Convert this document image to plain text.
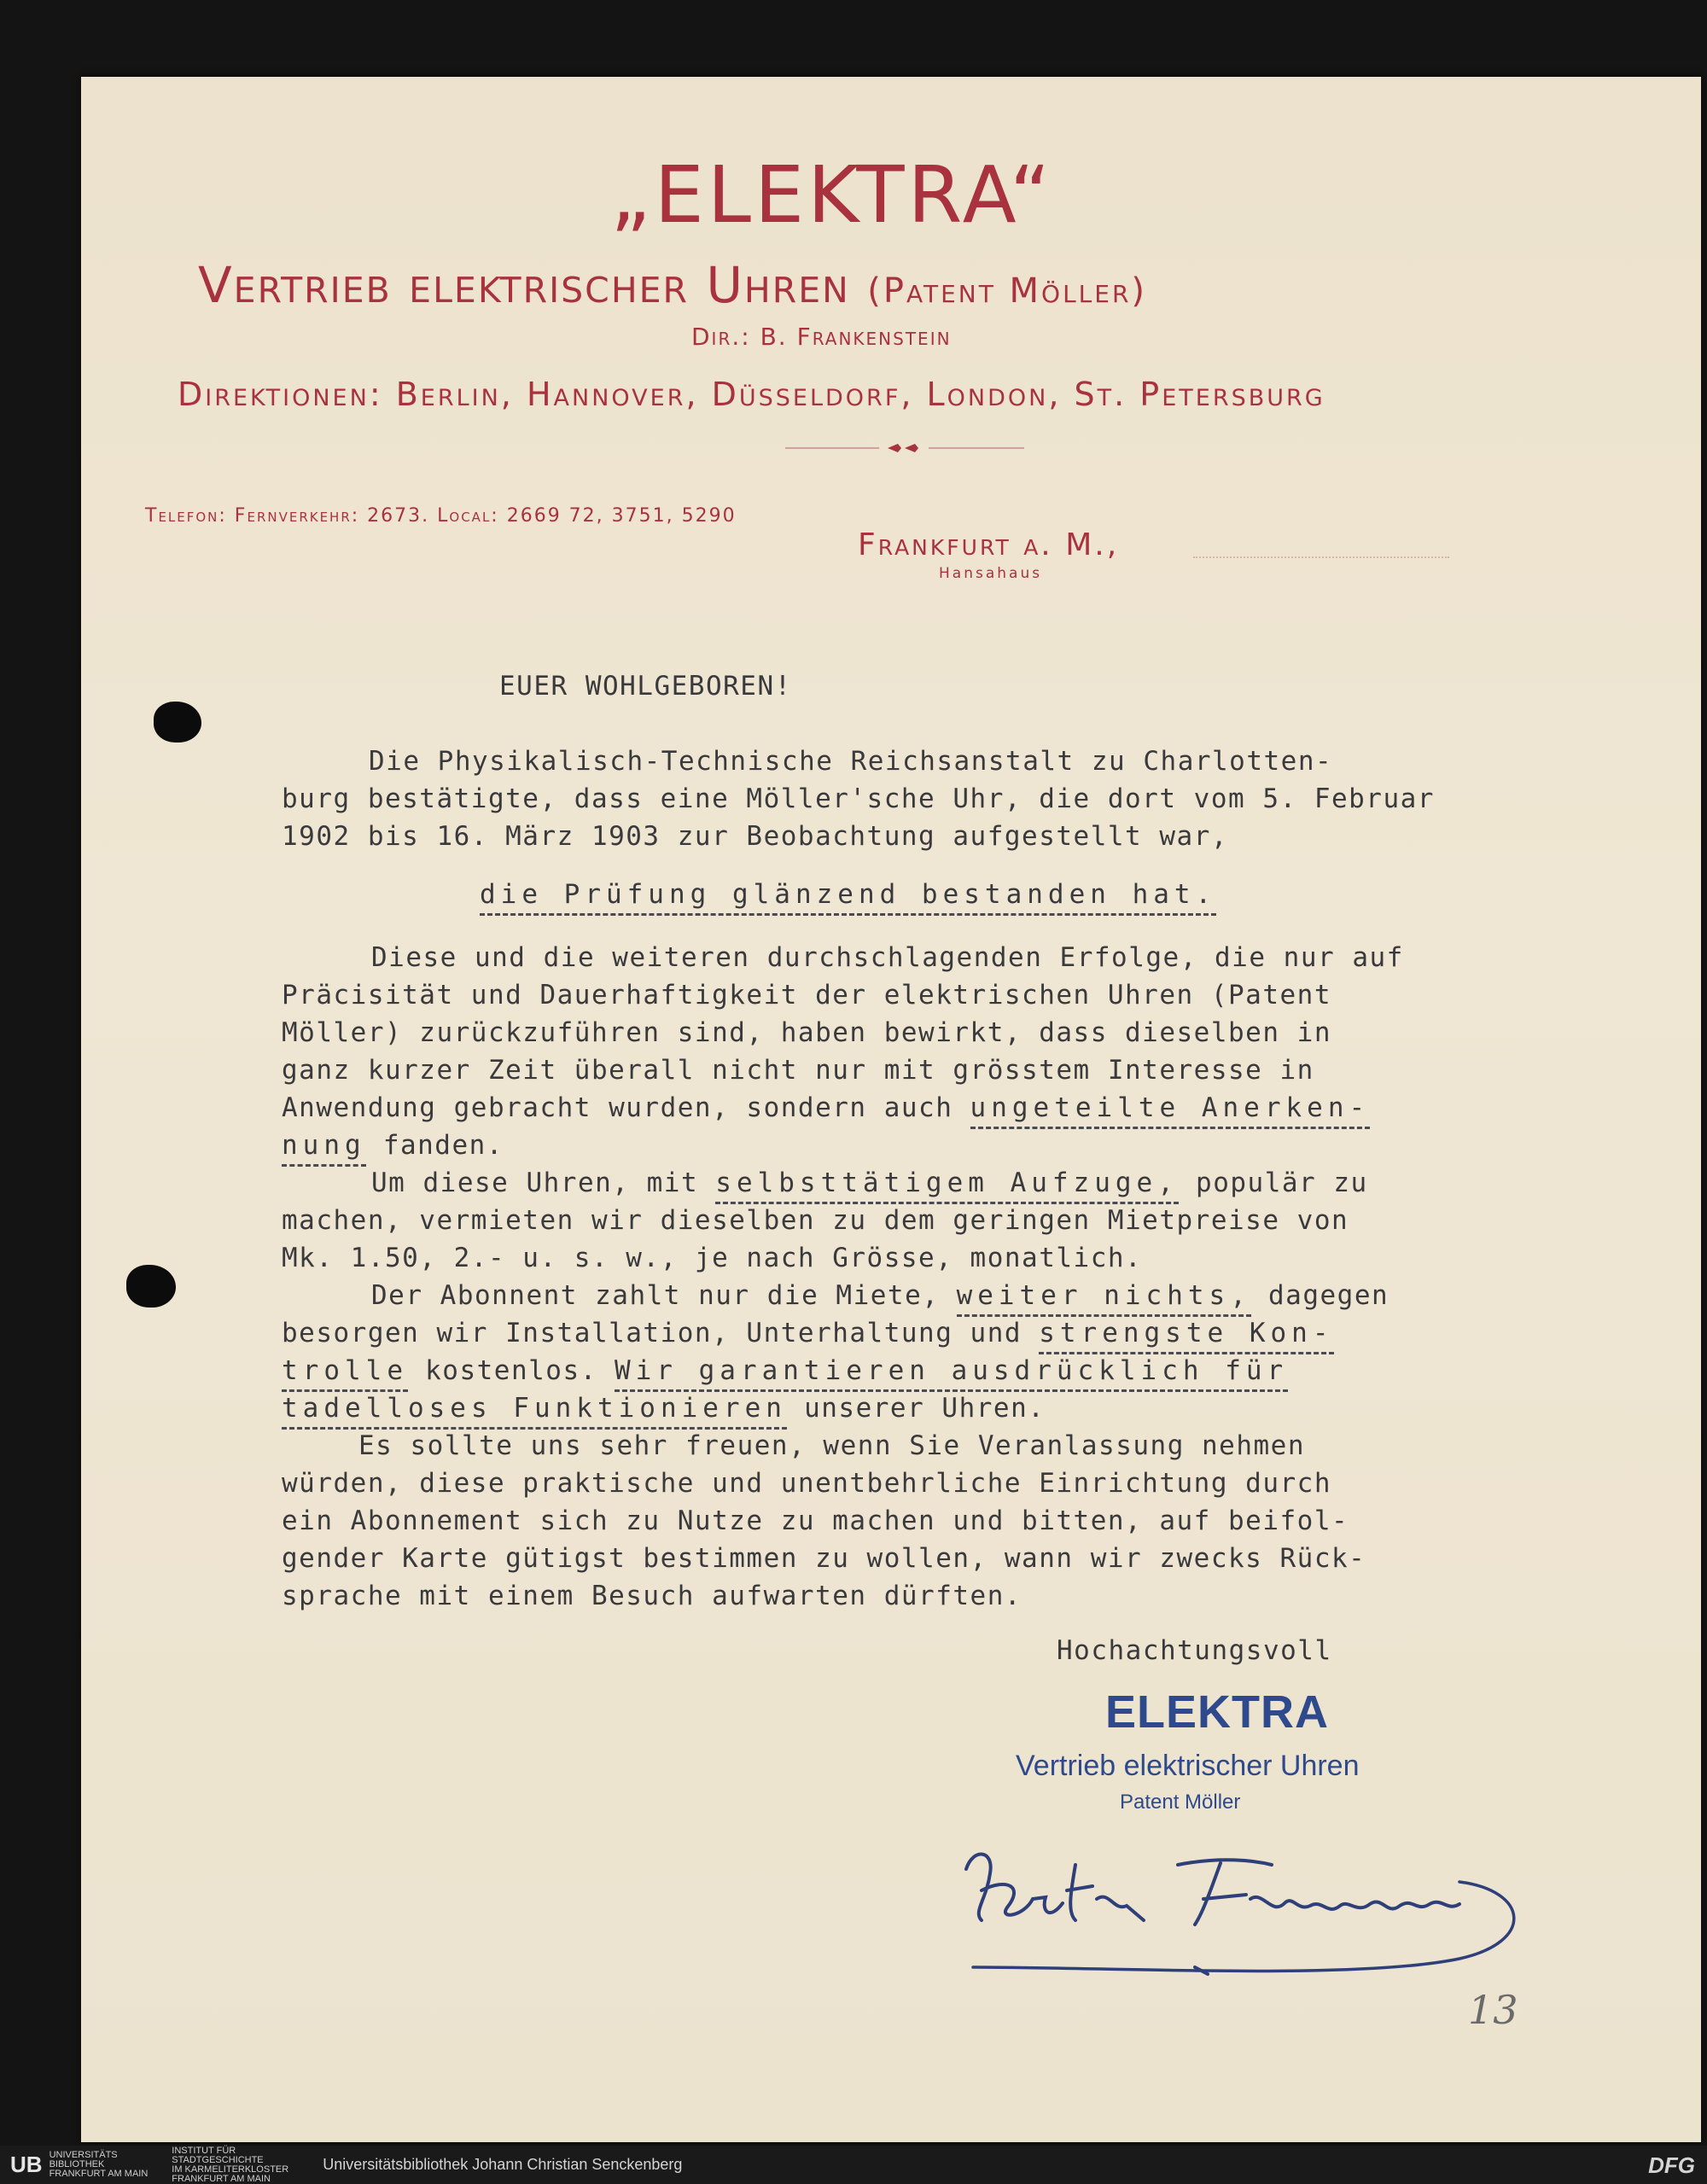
„ELEKTRA“
Vertrieb elektrischer Uhren (Patent Möller)
Dir.: B. Frankenstein
Direktionen: Berlin, Hannover, Düsseldorf, London, St. Petersburg
Telefon: Fernverkehr: 2673. Local: 2669 72, 3751, 5290
Frankfurt a. M.,
Hansahaus
EUER WOHLGEBOREN!
Die Physikalisch-Technische Reichsanstalt zu Charlotten-
burg bestätigte, dass eine Möller'sche Uhr, die dort vom 5. Februar
1902 bis 16. März 1903 zur Beobachtung aufgestellt war,
die Prüfung glänzend bestanden hat.
Diese und die weiteren durchschlagenden Erfolge, die nur auf
Präcisität und Dauerhaftigkeit der elektrischen Uhren (Patent
Möller) zurückzuführen sind, haben bewirkt, dass dieselben in
ganz kurzer Zeit überall nicht nur mit grösstem Interesse in
Anwendung gebracht wurden, sondern auch ungeteilte Anerken-
nung fanden.
Um diese Uhren, mit selbsttätigem Aufzuge, populär zu
machen, vermieten wir dieselben zu dem geringen Mietpreise von
Mk. 1.50, 2.- u. s. w., je nach Grösse, monatlich.
Der Abonnent zahlt nur die Miete, weiter nichts, dagegen
besorgen wir Installation, Unterhaltung und strengste Kon-
trolle kostenlos. Wir garantieren ausdrücklich für
tadelloses Funktionieren unserer Uhren.
Es sollte uns sehr freuen, wenn Sie Veranlassung nehmen
würden, diese praktische und unentbehrliche Einrichtung durch
ein Abonnement sich zu Nutze zu machen und bitten, auf beifol-
gender Karte gütigst bestimmen zu wollen, wann wir zwecks Rück-
sprache mit einem Besuch aufwarten dürften.
Hochachtungsvoll
ELEKTRA
Vertrieb elektrischer Uhren
Patent Möller
13
UB UNIVERSITÄTS
BIBLIOTHEK
FRANKFURT AM MAIN
INSTITUT FÜR
STADTGESCHICHTE
IM KARMELITERKLOSTER
FRANKFURT AM MAIN
Universitätsbibliothek Johann Christian Senckenberg	DFG
